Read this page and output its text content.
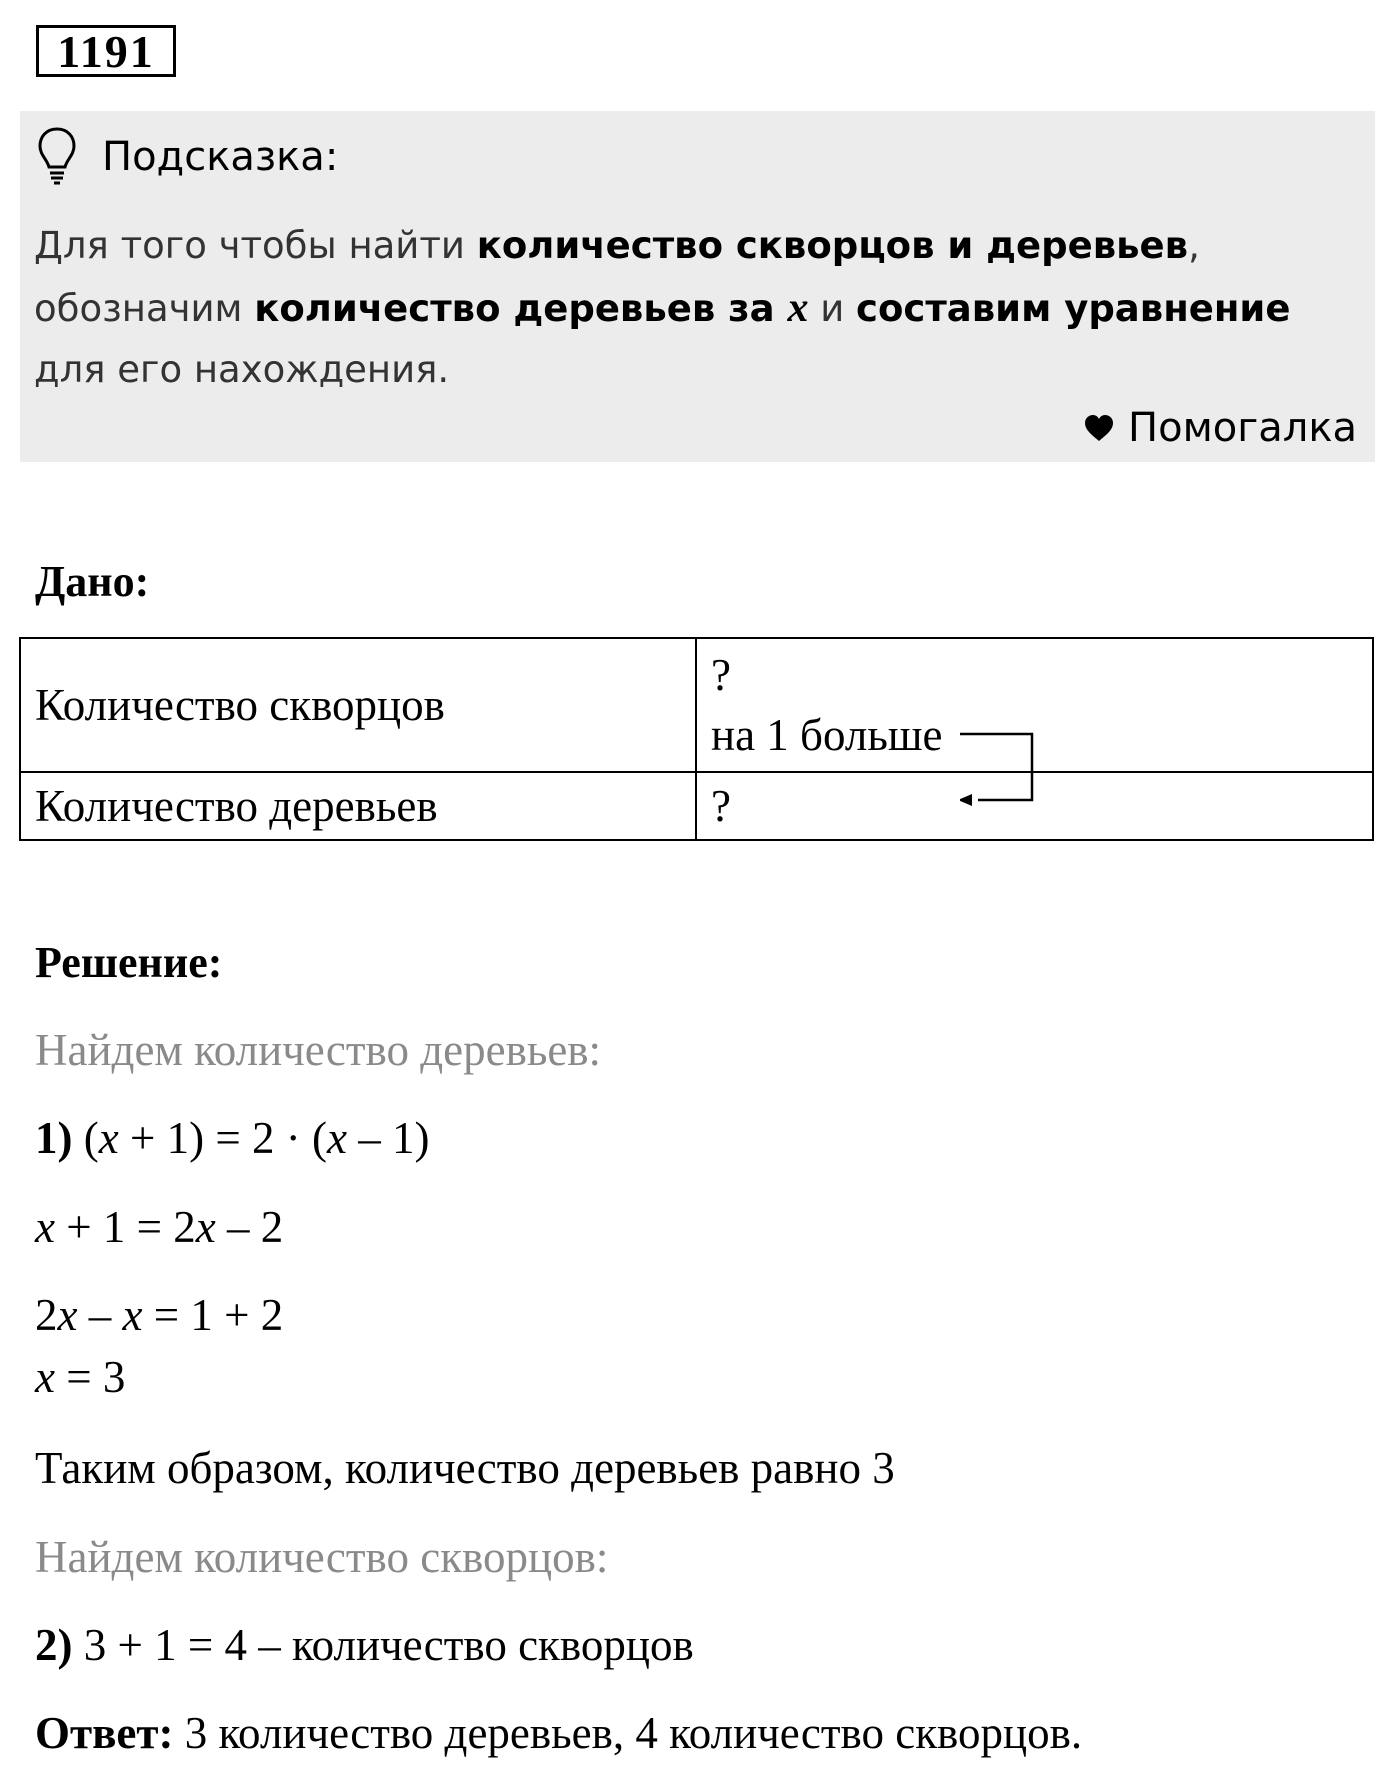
1191
Подсказка:
Для того чтобы найти количество скворцов и деревьев,
обозначим количество деревьев за x и составим уравнение
для его нахождения.
Помогалка
Дано:
Количество скворцов	?
на 1 больше

Количество деревьев	?
Решение:
Найдем количество деревьев:
1) (x + 1) = 2 · (x – 1)
x + 1 = 2x – 2
2x – x = 1 + 2
x = 3
Таким образом, количество деревьев равно 3
Найдем количество скворцов:
2) 3 + 1 = 4 – количество скворцов
Ответ: 3 количество деревьев, 4 количество скворцов.
